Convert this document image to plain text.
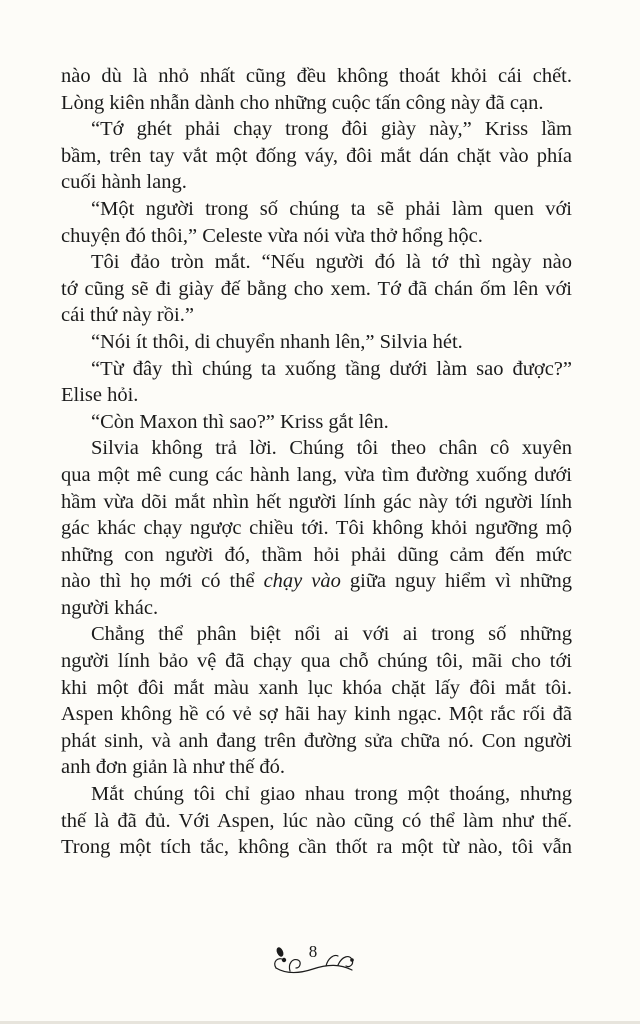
nào dù là nhỏ nhất cũng đều không thoát khỏi cái chết.
Lòng kiên nhẫn dành cho những cuộc tấn công này đã cạn.
“Tớ ghét phải chạy trong đôi giày này,” Kriss lầm
bầm, trên tay vắt một đống váy, đôi mắt dán chặt vào phía
cuối hành lang.
“Một người trong số chúng ta sẽ phải làm quen với
chuyện đó thôi,” Celeste vừa nói vừa thở hổng hộc.
Tôi đảo tròn mắt. “Nếu người đó là tớ thì ngày nào
tớ cũng sẽ đi giày đế bằng cho xem. Tớ đã chán ốm lên với
cái thứ này rồi.”
“Nói ít thôi, di chuyển nhanh lên,” Silvia hét.
“Từ đây thì chúng ta xuống tầng dưới làm sao được?”
Elise hỏi.
“Còn Maxon thì sao?” Kriss gắt lên.
Silvia không trả lời. Chúng tôi theo chân cô xuyên
qua một mê cung các hành lang, vừa tìm đường xuống dưới
hầm vừa dõi mắt nhìn hết người lính gác này tới người lính
gác khác chạy ngược chiều tới. Tôi không khỏi ngưỡng mộ
những con người đó, thầm hỏi phải dũng cảm đến mức
nào thì họ mới có thể chạy vào giữa nguy hiểm vì những
người khác.
Chẳng thể phân biệt nổi ai với ai trong số những
người lính bảo vệ đã chạy qua chỗ chúng tôi, mãi cho tới
khi một đôi mắt màu xanh lục khóa chặt lấy đôi mắt tôi.
Aspen không hề có vẻ sợ hãi hay kinh ngạc. Một rắc rối đã
phát sinh, và anh đang trên đường sửa chữa nó. Con người
anh đơn giản là như thế đó.
Mắt chúng tôi chỉ giao nhau trong một thoáng, nhưng
thế là đã đủ. Với Aspen, lúc nào cũng có thể làm như thế.
Trong một tích tắc, không cần thốt ra một từ nào, tôi vẫn
8
